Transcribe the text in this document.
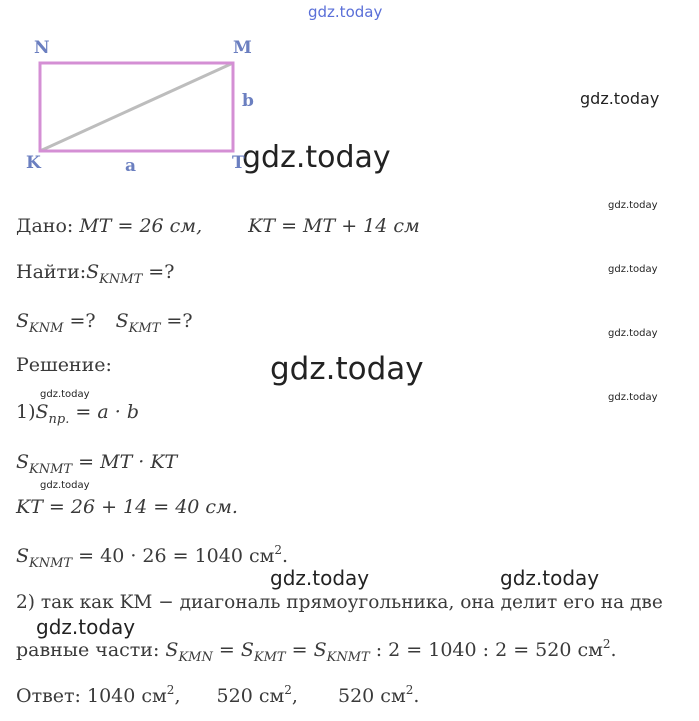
gdz.today
gdz.today
gdz.today
gdz.today
gdz.today
gdz.today
gdz.today
gdz.today
gdz.today
gdz.today
gdz.today	gdz.today
gdz.today
N	M
K	T
b
a
Дано: MT = 26 см, KT = MT + 14 см
$Найти:S_{KNMT}$ =?
$S_{KNM}$ =? $S_{KMT}$ =?
Решение:
$1)S_{пр.} = a \cdot b$
$S_{KNMT}$ = MT · KT
KT = 26 + 14 = 40 см.
$S_{KNMT} = 40 \cdot 26 = 1040$ $см^2$.
2) так как KM − диагональ прямоугольника, она делит его на две
равные части: $S_{KMN} = S_{KMT} = S_{KNMT}$ : 2 = 1040 : 2 = 520 $см^2$.
Ответ: 1040 $см^2$, 520 $см^2$, 520 $см^2$.
